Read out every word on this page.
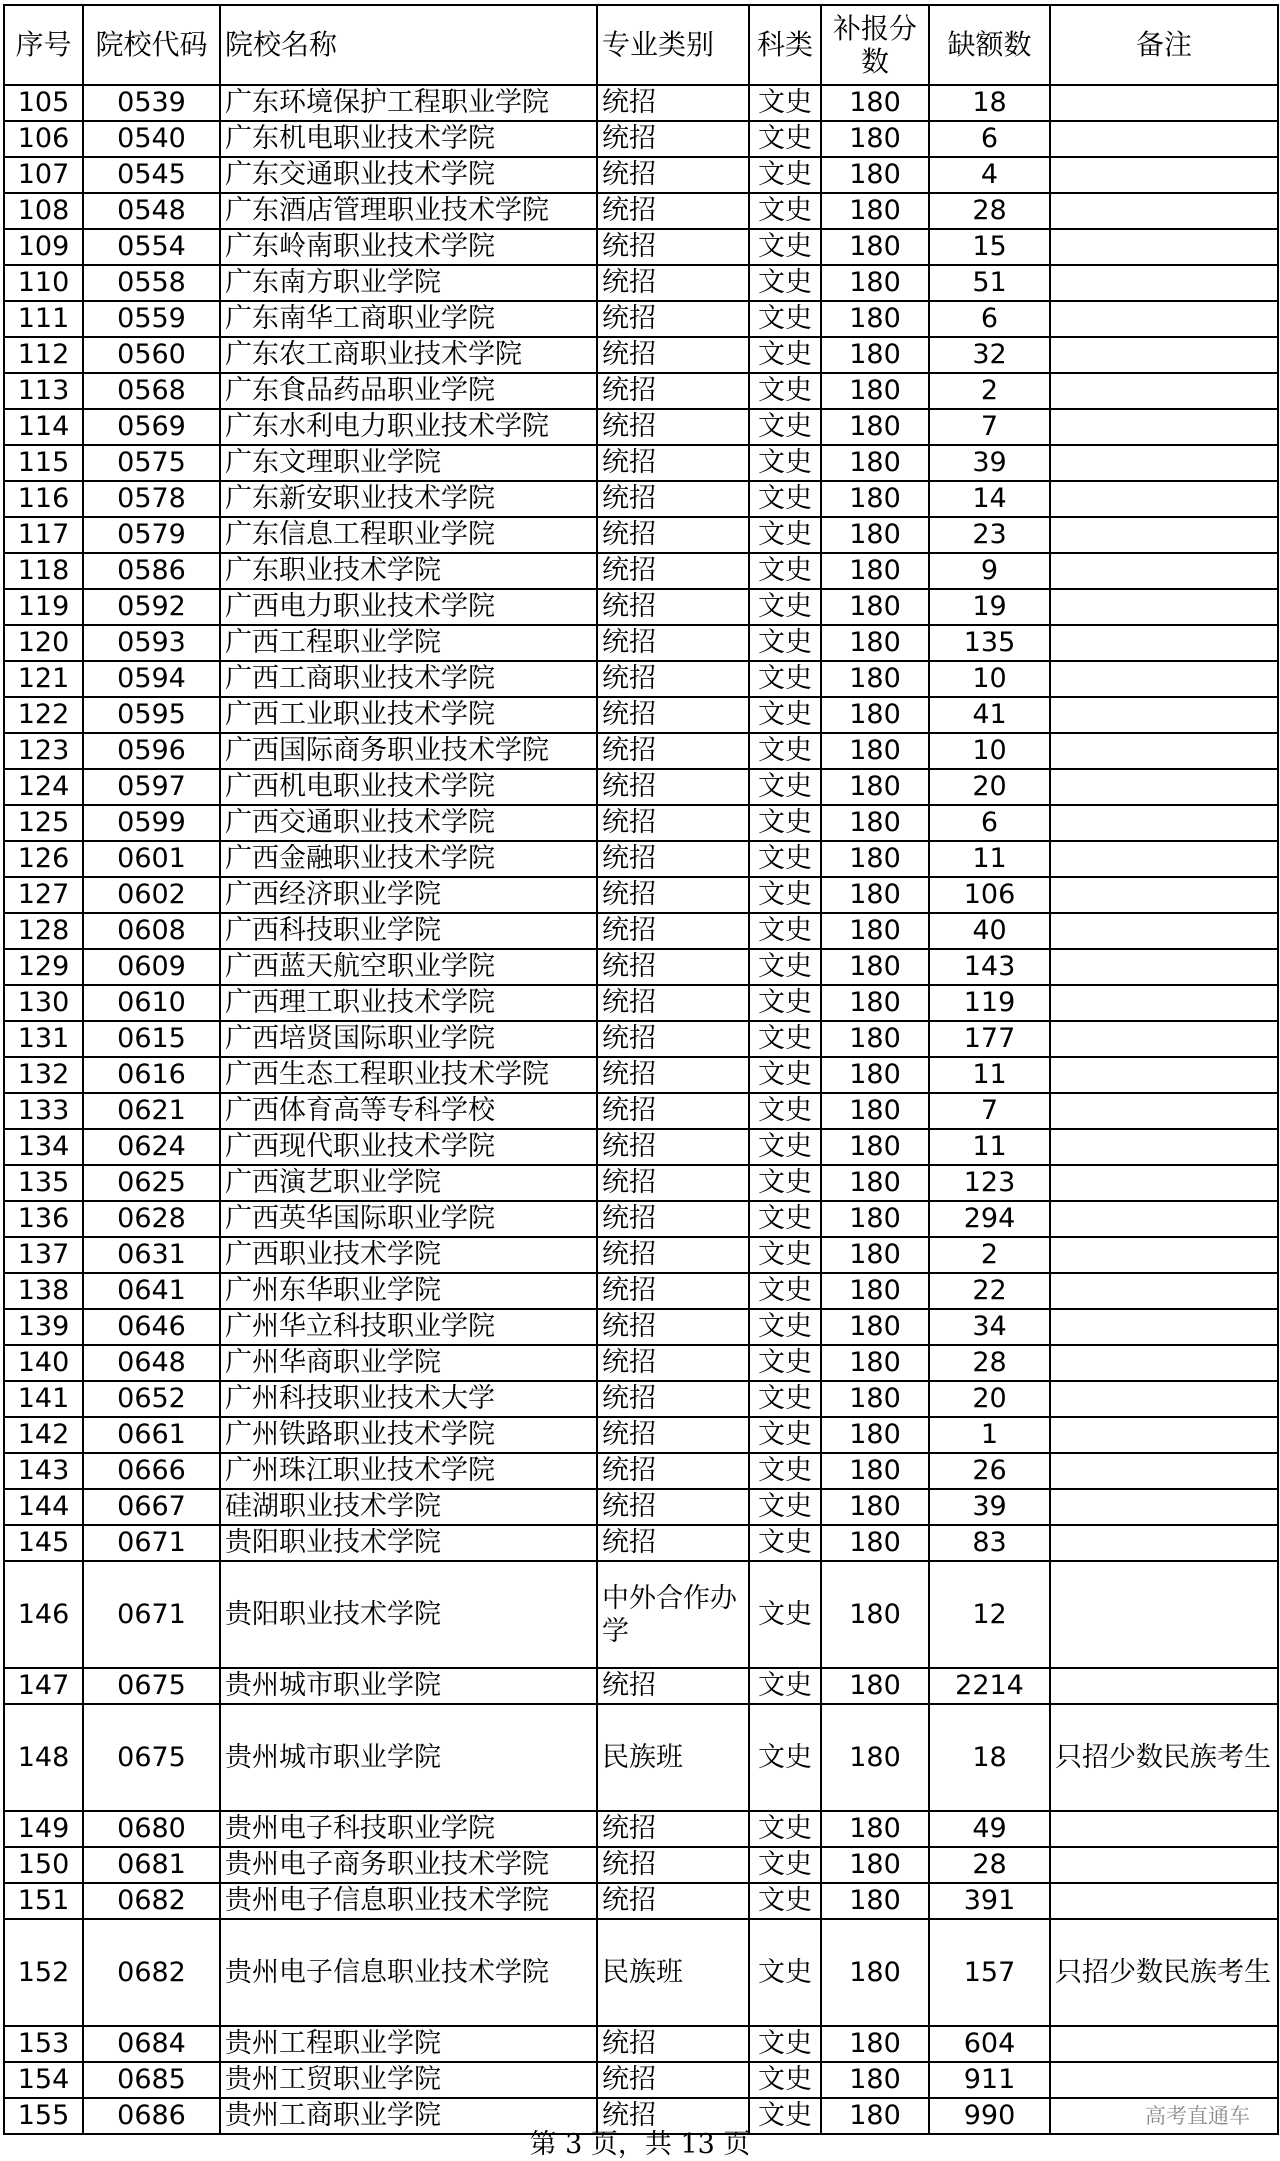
序号	院校代码	院校名称	专业类别	科类	补报分数	缺额数	备注
105	0539	广东环境保护工程职业学院	统招	文史	180	18	
106	0540	广东机电职业技术学院	统招	文史	180	6	
107	0545	广东交通职业技术学院	统招	文史	180	4	
108	0548	广东酒店管理职业技术学院	统招	文史	180	28	
109	0554	广东岭南职业技术学院	统招	文史	180	15	
110	0558	广东南方职业学院	统招	文史	180	51	
111	0559	广东南华工商职业学院	统招	文史	180	6	
112	0560	广东农工商职业技术学院	统招	文史	180	32	
113	0568	广东食品药品职业学院	统招	文史	180	2	
114	0569	广东水利电力职业技术学院	统招	文史	180	7	
115	0575	广东文理职业学院	统招	文史	180	39	
116	0578	广东新安职业技术学院	统招	文史	180	14	
117	0579	广东信息工程职业学院	统招	文史	180	23	
118	0586	广东职业技术学院	统招	文史	180	9	
119	0592	广西电力职业技术学院	统招	文史	180	19	
120	0593	广西工程职业学院	统招	文史	180	135	
121	0594	广西工商职业技术学院	统招	文史	180	10	
122	0595	广西工业职业技术学院	统招	文史	180	41	
123	0596	广西国际商务职业技术学院	统招	文史	180	10	
124	0597	广西机电职业技术学院	统招	文史	180	20	
125	0599	广西交通职业技术学院	统招	文史	180	6	
126	0601	广西金融职业技术学院	统招	文史	180	11	
127	0602	广西经济职业学院	统招	文史	180	106	
128	0608	广西科技职业学院	统招	文史	180	40	
129	0609	广西蓝天航空职业学院	统招	文史	180	143	
130	0610	广西理工职业技术学院	统招	文史	180	119	
131	0615	广西培贤国际职业学院	统招	文史	180	177	
132	0616	广西生态工程职业技术学院	统招	文史	180	11	
133	0621	广西体育高等专科学校	统招	文史	180	7	
134	0624	广西现代职业技术学院	统招	文史	180	11	
135	0625	广西演艺职业学院	统招	文史	180	123	
136	0628	广西英华国际职业学院	统招	文史	180	294	
137	0631	广西职业技术学院	统招	文史	180	2	
138	0641	广州东华职业学院	统招	文史	180	22	
139	0646	广州华立科技职业学院	统招	文史	180	34	
140	0648	广州华商职业学院	统招	文史	180	28	
141	0652	广州科技职业技术大学	统招	文史	180	20	
142	0661	广州铁路职业技术学院	统招	文史	180	1	
143	0666	广州珠江职业技术学院	统招	文史	180	26	
144	0667	硅湖职业技术学院	统招	文史	180	39	
145	0671	贵阳职业技术学院	统招	文史	180	83	
146	0671	贵阳职业技术学院	中外合作办学	文史	180	12	
147	0675	贵州城市职业学院	统招	文史	180	2214	
148	0675	贵州城市职业学院	民族班	文史	180	18	只招少数民族考生
149	0680	贵州电子科技职业学院	统招	文史	180	49	
150	0681	贵州电子商务职业技术学院	统招	文史	180	28	
151	0682	贵州电子信息职业技术学院	统招	文史	180	391	
152	0682	贵州电子信息职业技术学院	民族班	文史	180	157	只招少数民族考生
153	0684	贵州工程职业学院	统招	文史	180	604	
154	0685	贵州工贸职业学院	统招	文史	180	911	
155	0686	贵州工商职业学院	统招	文史	180	990	
第 3 页，共 13 页
高考直通车
